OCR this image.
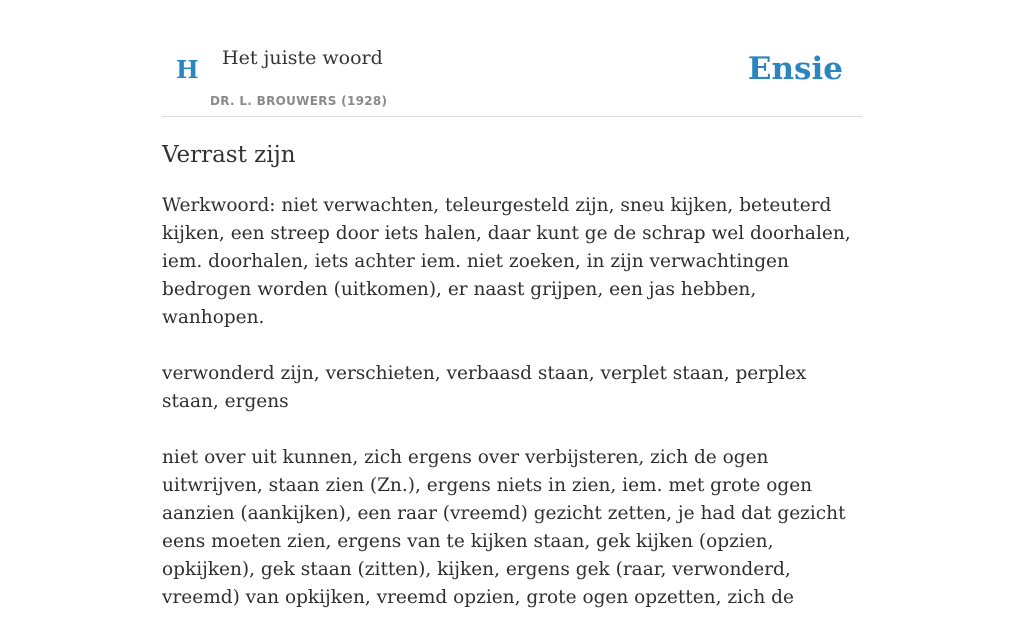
H Het juiste woord
DR. L. BROUWERS (1928)
Ensie
Verrast zijn

Werkwoord: niet verwachten, teleurgesteld zijn, sneu kijken, beteuterd kijken, een streep door iets halen, daar kunt ge de schrap wel doorhalen, iem. doorhalen, iets achter iem. niet zoeken, in zijn verwachtingen bedrogen worden (uitkomen), er naast grijpen, een jas hebben, wanhopen.

verwonderd zijn, verschieten, verbaasd staan, verplet staan, perplex staan, ergens

niet over uit kunnen, zich ergens over verbijsteren, zich de ogen uitwrijven, staan zien (Zn.), ergens niets in zien, iem. met grote ogen aanzien (aankijken), een raar (vreemd) gezicht zetten, je had dat gezicht eens moeten zien, ergens van te kijken staan, gek kijken (opzien, opkijken), gek staan (zitten), kijken, ergens gek (raar, verwonderd, vreemd) van opkijken, vreemd opzien, grote ogen opzetten, zich de
